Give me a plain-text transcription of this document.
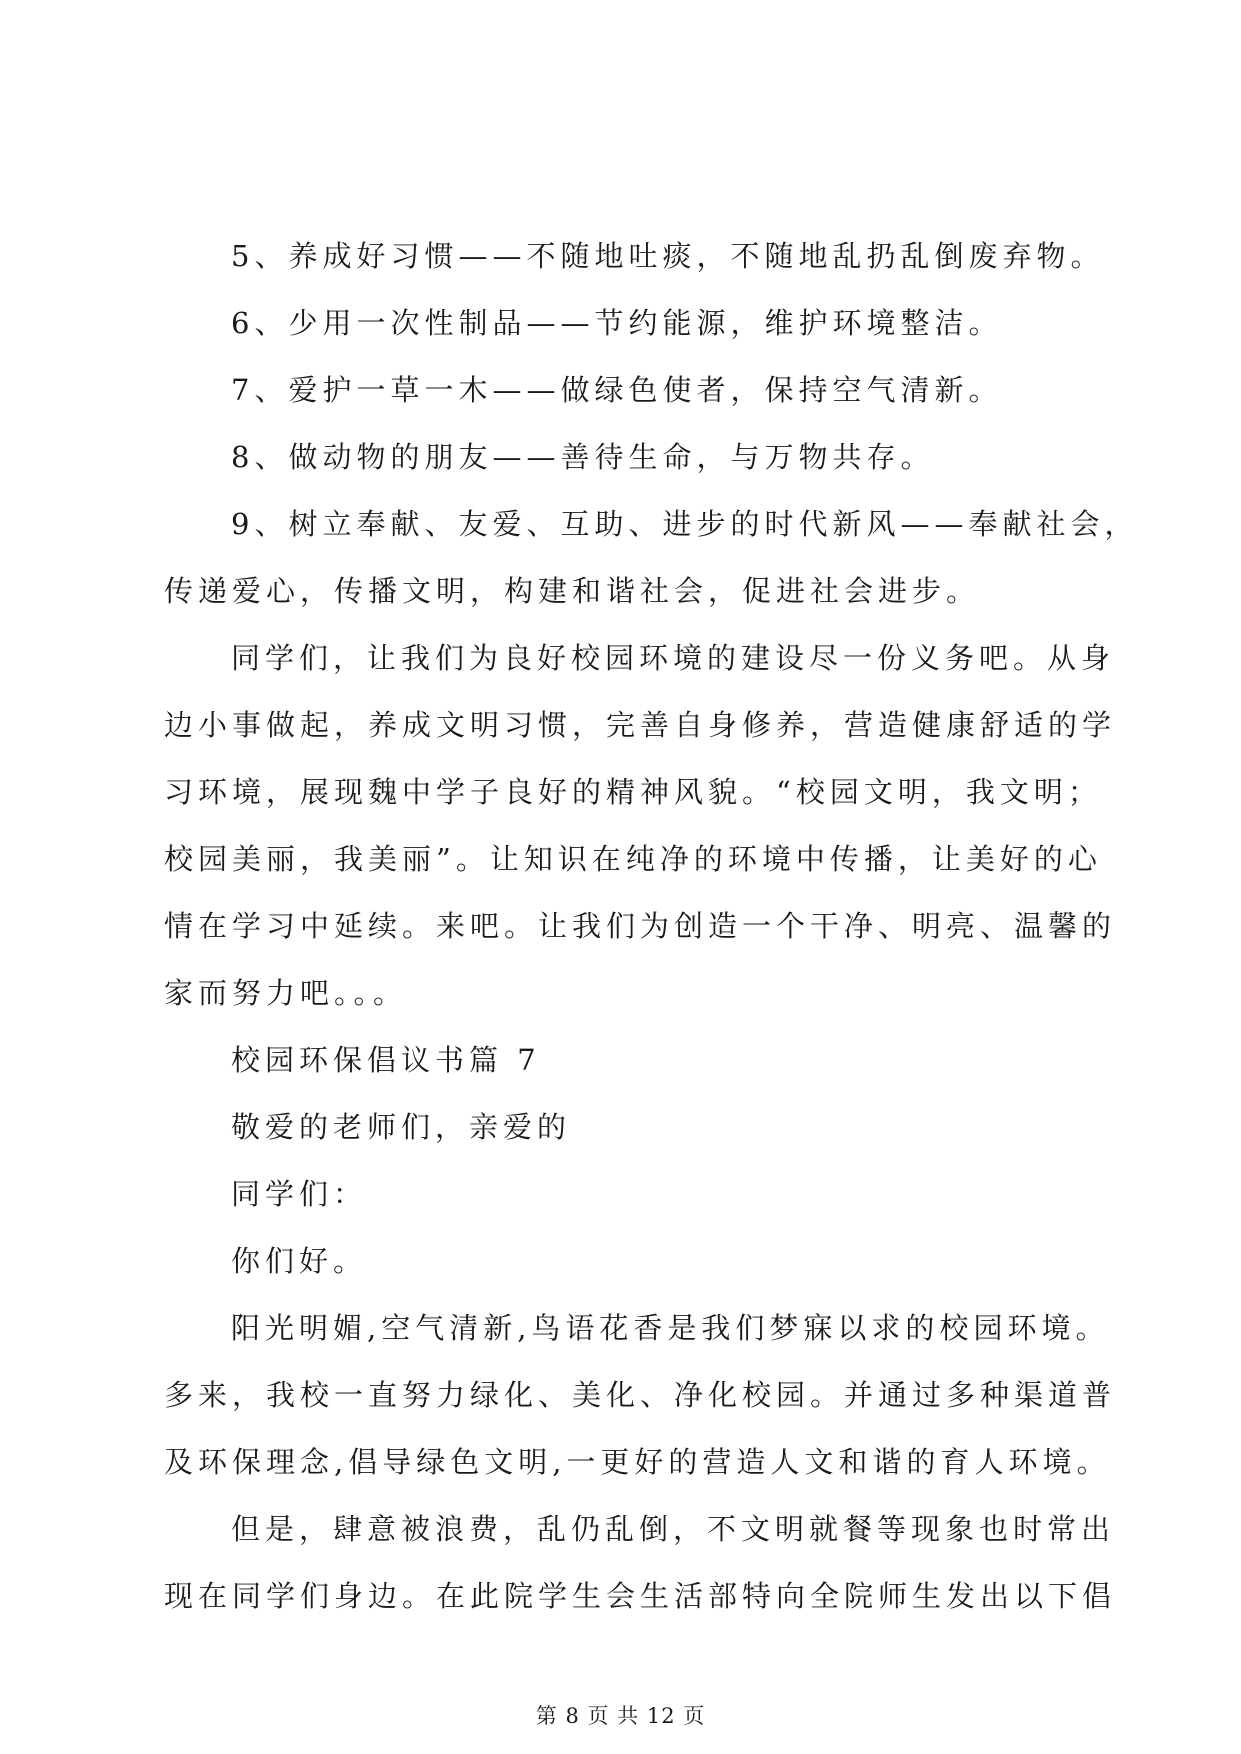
5、养成好习惯——不随地吐痰，不随地乱扔乱倒废弃物。
6、少用一次性制品——节约能源，维护环境整洁。
7、爱护一草一木——做绿色使者，保持空气清新。
8、做动物的朋友——善待生命，与万物共存。
9、树立奉献、友爱、互助、进步的时代新风——奉献社会，
传递爱心，传播文明，构建和谐社会，促进社会进步。
同学们，让我们为良好校园环境的建设尽一份义务吧。从身
边小事做起，养成文明习惯，完善自身修养，营造健康舒适的学
习环境，展现魏中学子良好的精神风貌。“校园文明，我文明；
校园美丽，我美丽”。让知识在纯净的环境中传播，让美好的心
情在学习中延续。来吧。让我们为创造一个干净、明亮、温馨的
家而努力吧。。。
校园环保倡议书篇 7
敬爱的老师们，亲爱的
同学们：
你们好。
阳光明媚,空气清新,鸟语花香是我们梦寐以求的校园环境。
多来，我校一直努力绿化、美化、净化校园。并通过多种渠道普
及环保理念,倡导绿色文明,一更好的营造人文和谐的育人环境。
但是，肆意被浪费，乱仍乱倒，不文明就餐等现象也时常出
现在同学们身边。在此院学生会生活部特向全院师生发出以下倡
第 8 页 共 12 页
